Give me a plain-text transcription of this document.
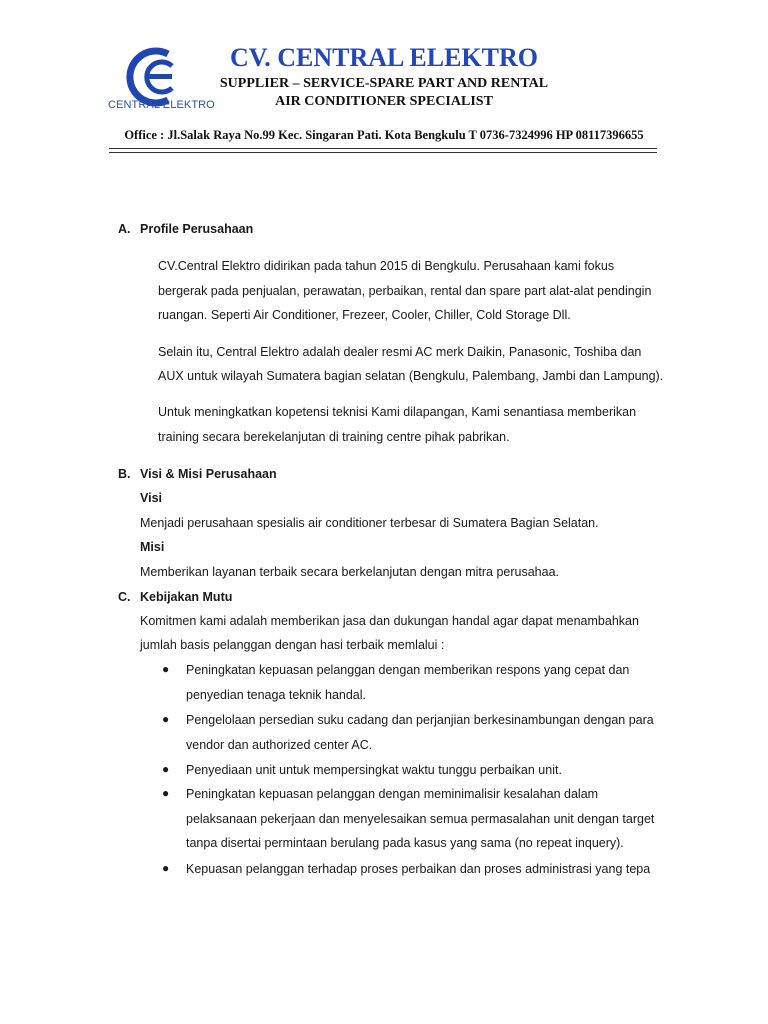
CENTRAL ELEKTRO
CV. CENTRAL ELEKTRO
SUPPLIER – SERVICE-SPARE PART AND RENTAL
AIR CONDITIONER SPECIALIST
Office : Jl.Salak Raya No.99 Kec. Singaran Pati. Kota Bengkulu T 0736-7324996 HP 08117396655
A. Profile Perusahaan
CV.Central Elektro didirikan pada tahun 2015 di Bengkulu. Perusahaan kami fokus
bergerak pada penjualan, perawatan, perbaikan, rental dan spare part alat-alat pendingin
ruangan. Seperti Air Conditioner, Frezeer, Cooler, Chiller, Cold Storage Dll.
Selain itu, Central Elektro adalah dealer resmi AC merk Daikin, Panasonic, Toshiba dan
AUX untuk wilayah Sumatera bagian selatan (Bengkulu, Palembang, Jambi dan Lampung).
Untuk meningkatkan kopetensi teknisi Kami dilapangan, Kami senantiasa memberikan
training secara berekelanjutan di training centre pihak pabrikan.
B. Visi & Misi Perusahaan
Visi
Menjadi perusahaan spesialis air conditioner terbesar di Sumatera Bagian Selatan.
Misi
Memberikan layanan terbaik secara berkelanjutan dengan mitra perusahaa.
C. Kebijakan Mutu
Komitmen kami adalah memberikan jasa dan dukungan handal agar dapat menambahkan
jumlah basis pelanggan dengan hasi terbaik memlalui :
● Peningkatan kepuasan pelanggan dengan memberikan respons yang cepat dan
penyedian tenaga teknik handal.
● Pengelolaan persedian suku cadang dan perjanjian berkesinambungan dengan para
vendor dan authorized center AC.
● Penyediaan unit untuk mempersingkat waktu tunggu perbaikan unit.
● Peningkatan kepuasan pelanggan dengan meminimalisir kesalahan dalam
pelaksanaan pekerjaan dan menyelesaikan semua permasalahan unit dengan target
tanpa disertai permintaan berulang pada kasus yang sama (no repeat inquery).
● Kepuasan pelanggan terhadap proses perbaikan dan proses administrasi yang tepa
